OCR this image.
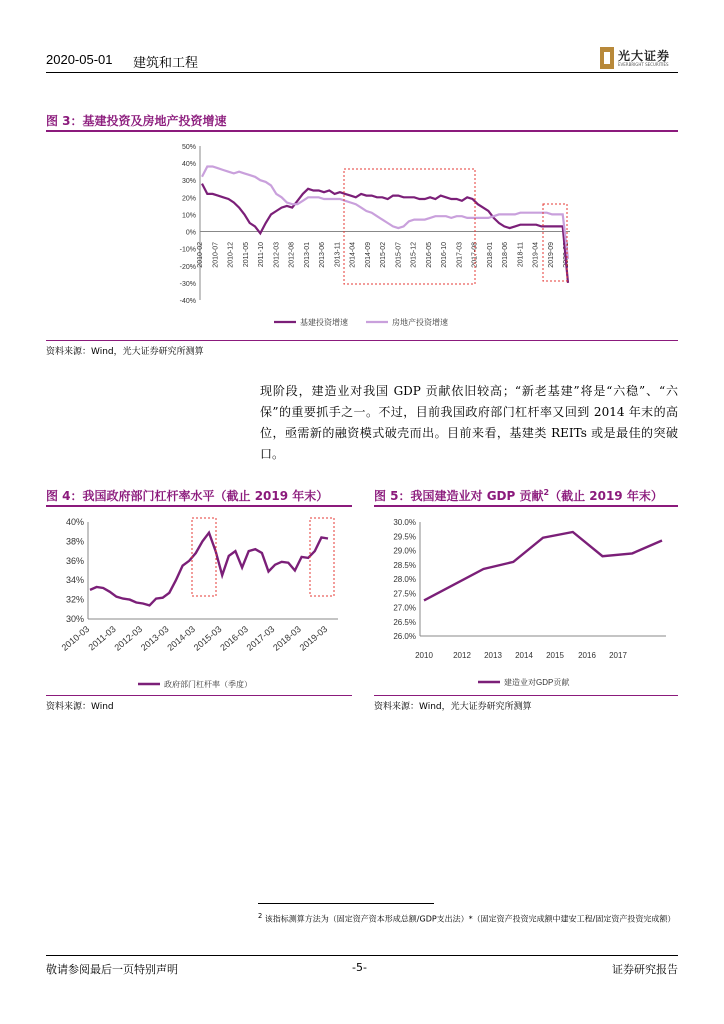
2020-05-01 建筑和工程	光大证券
EVERBRIGHT SECURITIES
图 3：基建投资及房地产投资增速
50%
40%
30%
20%
10%
0%
-10%
-20%
-30%
-40%
2010-02 2010-07 2010-12 2011-05 2011-10 2012-03 2012-08 2013-01 2013-06 2013-11 2014-04 2014-09 2015-02 2015-07 2015-12 2016-05 2016-10 2017-03 2017-08 2018-01 2018-06 2018-11 2019-04 2019-09 2020-02
基建投资增速	房地产投资增速
资料来源：Wind，光大证券研究所测算
现阶段，建造业对我国 GDP 贡献依旧较高；“新老基建”将是“六稳”、“六保”的重要抓手之一。不过，目前我国政府部门杠杆率又回到 2014 年末的高位，亟需新的融资模式破壳而出。目前来看，基建类 REITs 或是最佳的突破口。
图 4：我国政府部门杠杆率水平（截止 2019 年末）
40%
38%
36%
34%
32%
30%
2010-03
2011-03
2012-03
2013-03
2014-03
2015-03
2016-03
2017-03
2018-03
2019-03
政府部门杠杆率（季度）
资料来源：Wind
图 5：我国建造业对 GDP 贡献$^2$（截止 2019 年末）
30.0%
29.5%
29.0%
28.5%
28.0%
27.5%
27.0%
26.5%
26.0%
2010	2012 2013 2014 2015 2016 2017
建造业对GDP贡献
资料来源：Wind，光大证券研究所测算
$^2$ 该指标测算方法为（固定资产资本形成总额/GDP支出法）*（固定资产投资完成额中建安工程/固定资产投资完成额）
敬请参阅最后一页特别声明	-5-	证券研究报告
